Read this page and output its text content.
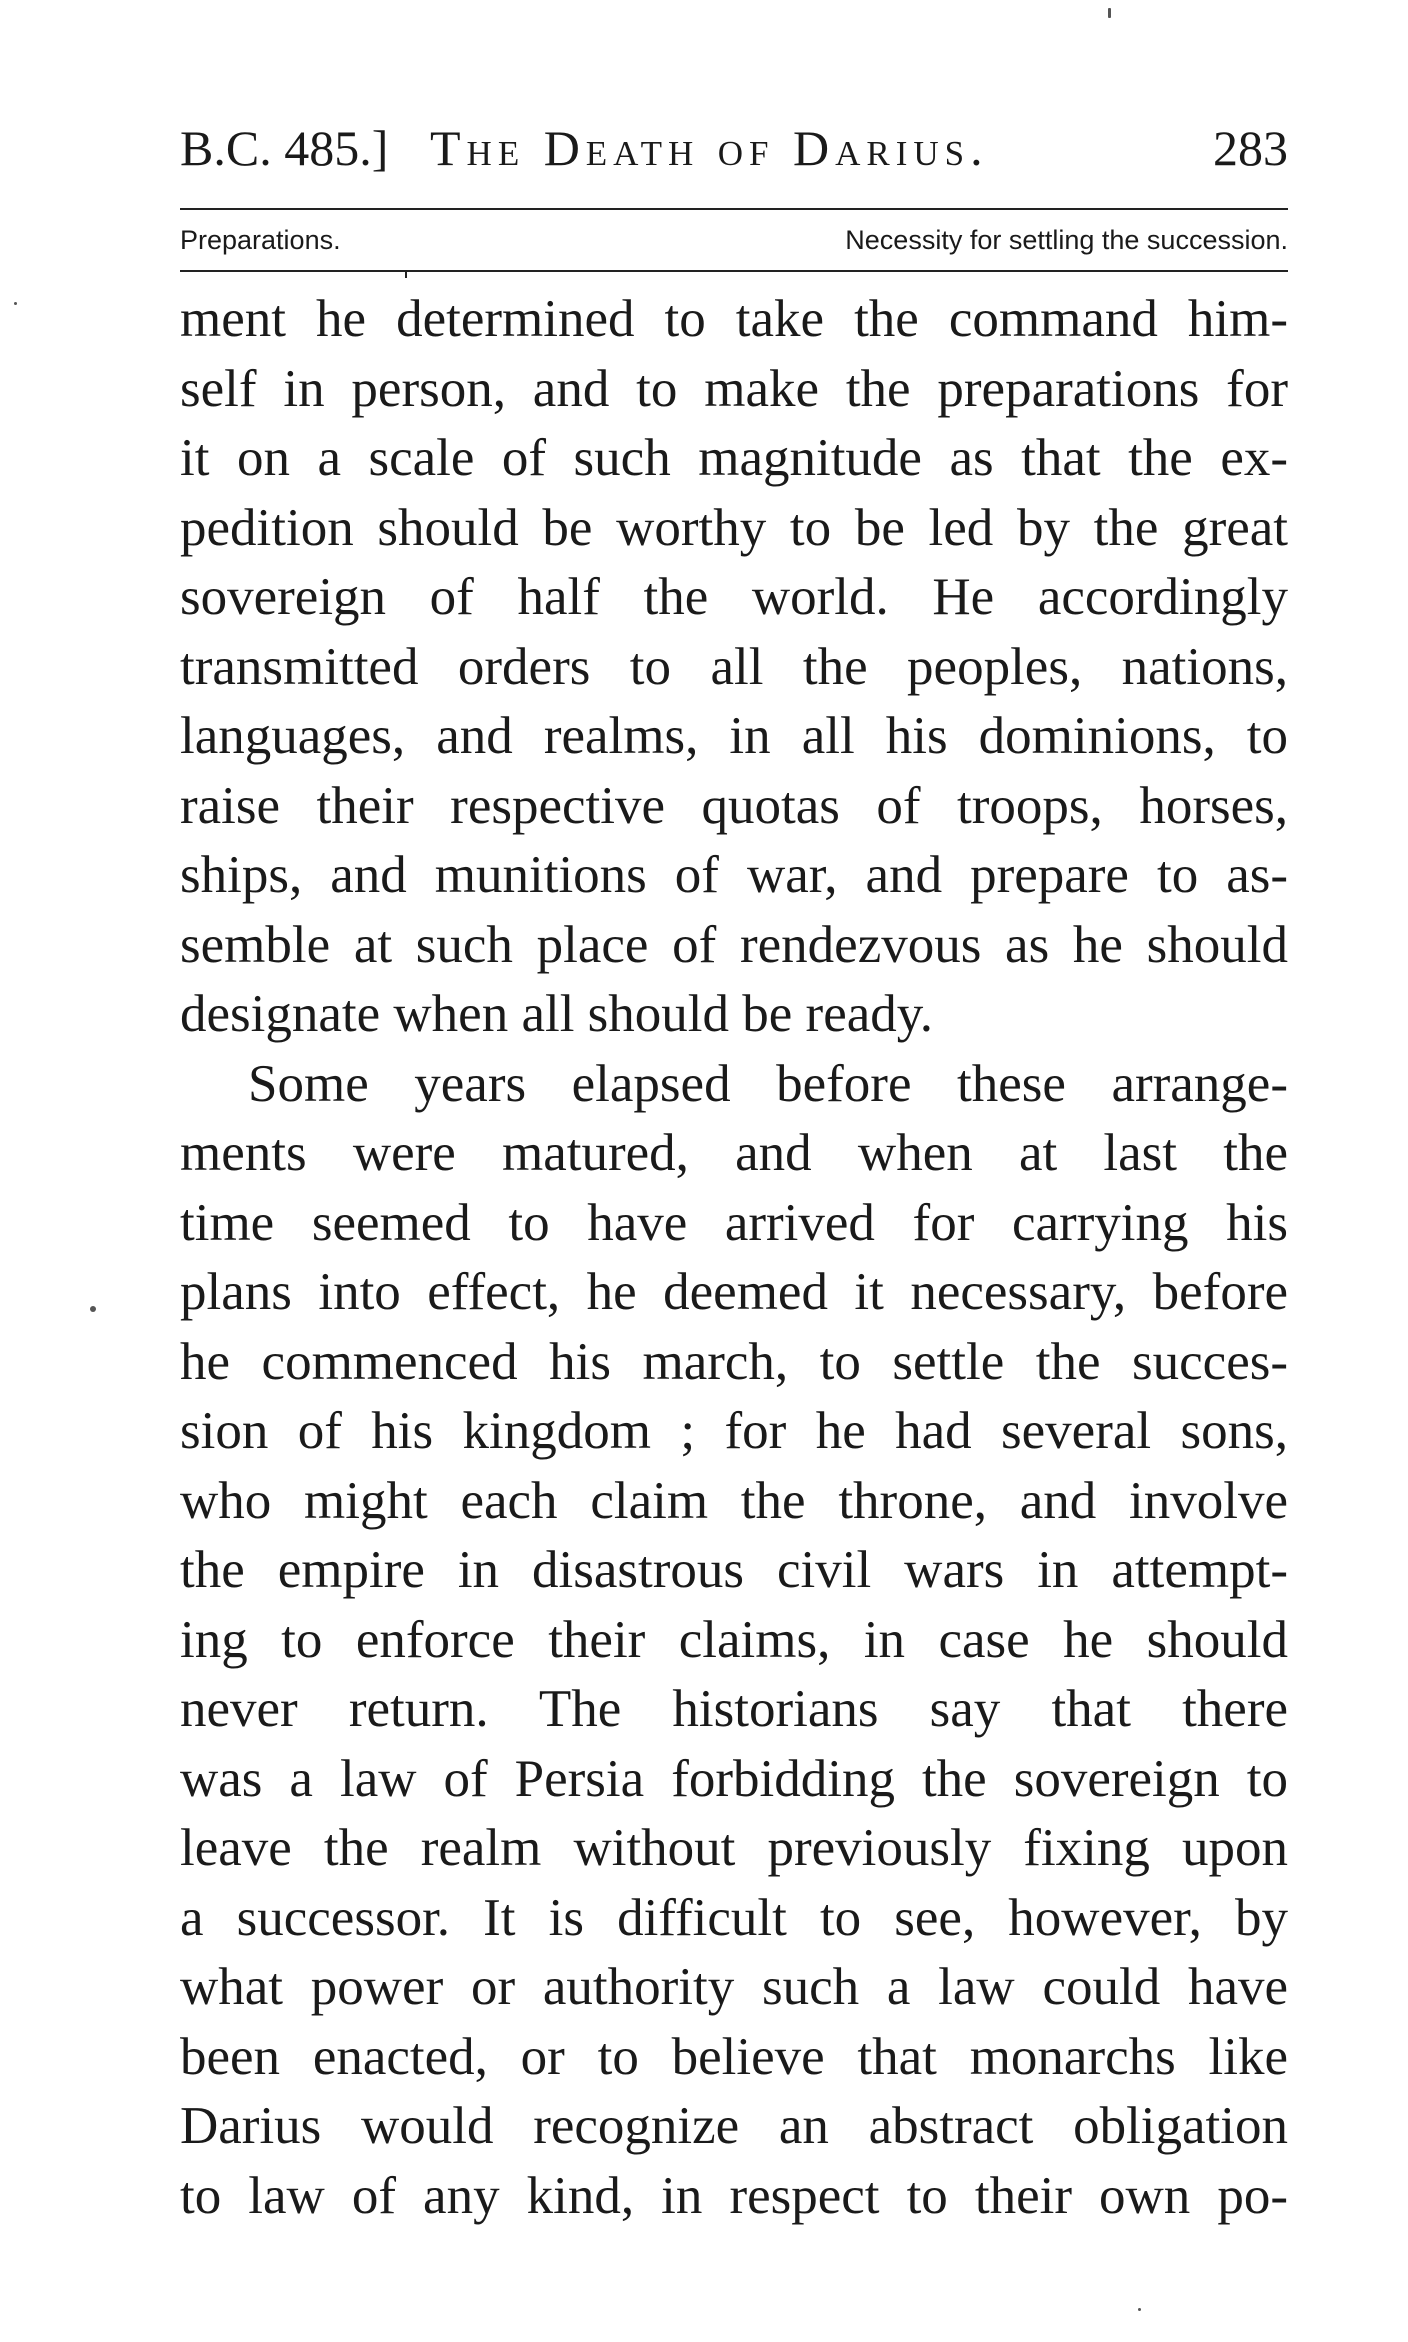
B.C. 485.] The Death of Darius.	283
Preparations.	Necessity for settling the succession.
ment he determined to take the command him-
self in person, and to make the preparations for
it on a scale of such magnitude as that the ex-
pedition should be worthy to be led by the great
sovereign of half the world. He accordingly
transmitted orders to all the peoples, nations,
languages, and realms, in all his dominions, to
raise their respective quotas of troops, horses,
ships, and munitions of war, and prepare to as-
semble at such place of rendezvous as he should
designate when all should be ready.
Some years elapsed before these arrange-
ments were matured, and when at last the
time seemed to have arrived for carrying his
plans into effect, he deemed it necessary, before
he commenced his march, to settle the succes-
sion of his kingdom ; for he had several sons,
who might each claim the throne, and involve
the empire in disastrous civil wars in attempt-
ing to enforce their claims, in case he should
never return. The historians say that there
was a law of Persia forbidding the sovereign to
leave the realm without previously fixing upon
a successor. It is difficult to see, however, by
what power or authority such a law could have
been enacted, or to believe that monarchs like
Darius would recognize an abstract obligation
to law of any kind, in respect to their own po-
